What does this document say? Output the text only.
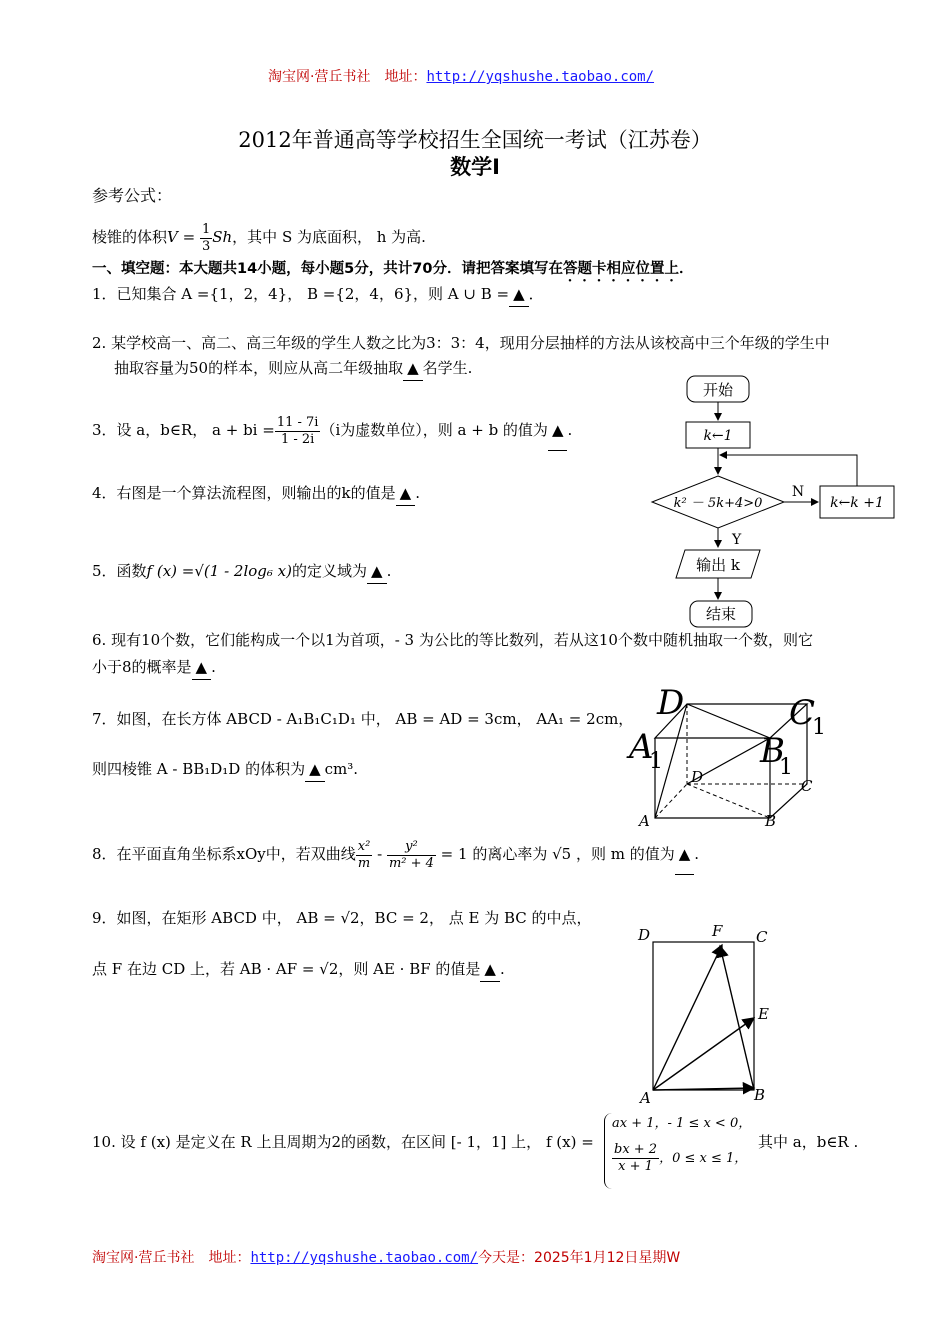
淘宝网·营丘书社　地址：http://yqshushe.taobao.com/
2012年普通高等学校招生全国统一考试（江苏卷）
数学Ⅰ
参考公式：
棱锥的体积$V = \frac{1}{3}$ Sh，其中 S 为底面积， h 为高.
一、填空题：本大题共14小题，每小题5分，共计70分．请把答案填写在答题卡相应位置上．
1．已知集合 A ={1，2，4}， B ={2，4，6}，则 A ∪ B = ▲ ．
2. 某学校高一、高二、高三年级的学生人数之比为3：3：4，现用分层抽样的方法从该校高中三个年级的学生中
抽取容量为50的样本，则应从高二年级抽取 ▲ 名学生.
3．设 a，b∈R， a + bi = $\frac{11 - 7i}{1 - 2i} (i$为虚数单位），则 a + b 的值为 ▲ .
4．右图是一个算法流程图，则输出的k的值是 ▲ .
5．函数f (x) =√(1 - 2log₆ x)的定义域为 ▲ .
6. 现有10个数，它们能构成一个以1为首项，- 3 为公比的等比数列，若从这10个数中随机抽取一个数，则它
小于8的概率是 ▲ .
7．如图，在长方体 ABCD - A₁B₁C₁D₁ 中， AB = AD = 3cm， AA₁ = 2cm，
则四棱锥 A - BB₁D₁D 的体积为 ▲ cm³.
8．在平面直角坐标系xOy中，若双曲线 $\frac{\text{x²}}{m} - \frac{\text{y²}}{\text{m² + 4}} = 1$ 的离心率为 √5 ，则 m 的值为 ▲ .
9．如图，在矩形 ABCD 中， AB = √2，BC = 2， 点 E 为 BC 的中点，
点 F 在边 CD 上，若 AB · AF = √2，则 AE · BF 的值是 ▲ .
10. 设 f (x) 是定义在 R 上且周期为2的函数，在区间 [- 1，1] 上， f (x) =
ax + 1，- 1 ≤ x < 0，
$\frac{bx + 2}{x + 1}$ ，0 ≤ x ≤ 1，
其中 a，b∈R .
开始
k←1
k² － 5k+4>0
N
k←k +1
Y
输出 k
结束
D	C
1
A
1	B
1
D	C
A	B
D	F C
E
A	B
淘宝网·营丘书社　地址：http://yqshushe.taobao.com/今天是：2025年1月12日星期W
